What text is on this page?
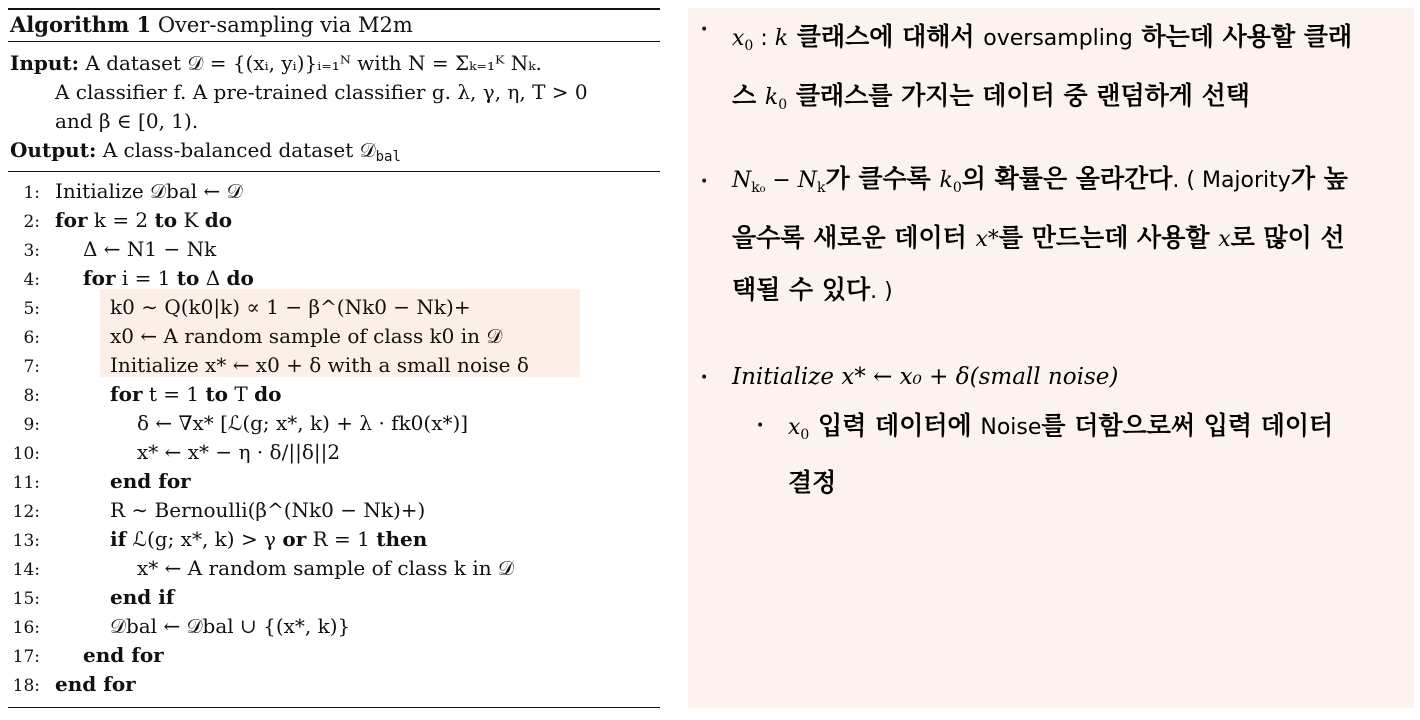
Algorithm 1 Over-sampling via M2m
Input: A dataset 𝒟 = {(xᵢ, yᵢ)}ᵢ₌₁ᴺ with N = Σₖ₌₁ᴷ Nₖ.
A classifier f. A pre-trained classifier g. λ, γ, η, T > 0
and β ∈ [0, 1).
Output: A class-balanced dataset 𝒟$_{bal}$
1: Initialize 𝒟bal ← 𝒟
2: for k = 2 to K do
3: Δ ← N1 − Nk
4: for i = 1 to Δ do
5:	k0 ∼ Q(k0|k) ∝ 1 − β^(Nk0 − Nk)+
6:	x0 ← A random sample of class k0 in 𝒟
7:	Initialize x* ← x0 + δ with a small noise δ
8:	for t = 1 to T do
9:	δ ← ∇x* [ℒ(g; x*, k) + λ · fk0(x*)]
10:	x* ← x* − η · δ/||δ||2
11:	end for
12:	R ∼ Bernoulli(β^(Nk0 − Nk)+)
13:	if ℒ(g; x*, k) > γ or R = 1 then
14:	x* ← A random sample of class k in 𝒟
15:	end if
16:	𝒟bal ← 𝒟bal ∪ {(x*, k)}
17: end for
18: end for
• $x_0$ : k 클래스에 대해서 oversampling 하는데 사용할 클래
스 $k_0$ 클래스를 가지는 데이터 중 랜덤하게 선택
• $N_{k_0} - N_k$가 클수록 $k_0$의 확률은 올라간다. ( Majority가 높
을수록 새로운 데이터 x*를 만드는데 사용할 x로 많이 선
택될 수 있다. )
• Initialize x* ← x₀ + δ(small noise)
• $x_0$ 입력 데이터에 Noise를 더함으로써 입력 데이터
결정
